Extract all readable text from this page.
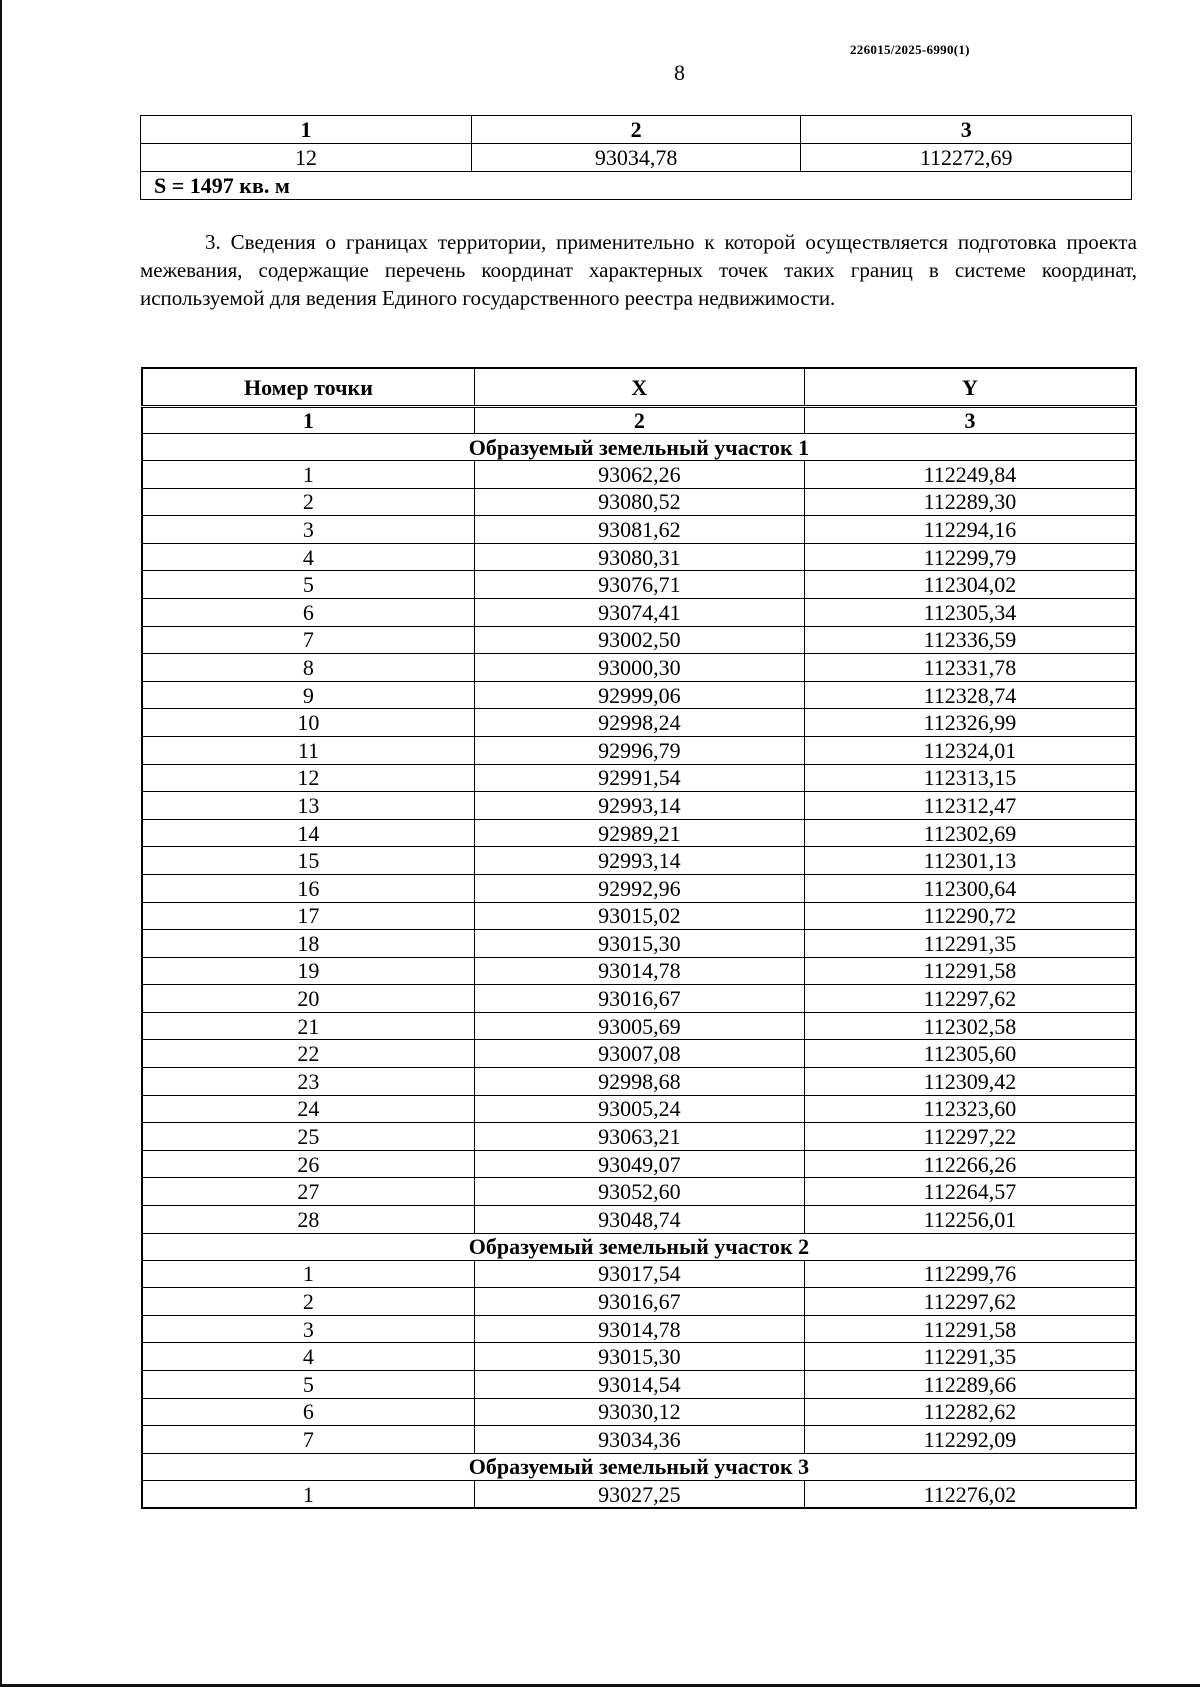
226015/2025-6990(1)
8
1	2	3
12	93034,78	112272,69
S = 1497 кв. м		
3. Сведения о границах территории, применительно к которой осуществляется подготовка проекта межевания, содержащие перечень координат характерных точек таких границ в системе координат, используемой для ведения Единого государственного реестра недвижимости.
Номер точки	X	Y
1	2	3
Образуемый земельный участок 1		
1	93062,26	112249,84
2	93080,52	112289,30
3	93081,62	112294,16
4	93080,31	112299,79
5	93076,71	112304,02
6	93074,41	112305,34
7	93002,50	112336,59
8	93000,30	112331,78
9	92999,06	112328,74
10	92998,24	112326,99
11	92996,79	112324,01
12	92991,54	112313,15
13	92993,14	112312,47
14	92989,21	112302,69
15	92993,14	112301,13
16	92992,96	112300,64
17	93015,02	112290,72
18	93015,30	112291,35
19	93014,78	112291,58
20	93016,67	112297,62
21	93005,69	112302,58
22	93007,08	112305,60
23	92998,68	112309,42
24	93005,24	112323,60
25	93063,21	112297,22
26	93049,07	112266,26
27	93052,60	112264,57
28	93048,74	112256,01
Образуемый земельный участок 2		
1	93017,54	112299,76
2	93016,67	112297,62
3	93014,78	112291,58
4	93015,30	112291,35
5	93014,54	112289,66
6	93030,12	112282,62
7	93034,36	112292,09
Образуемый земельный участок 3		
1	93027,25	112276,02
